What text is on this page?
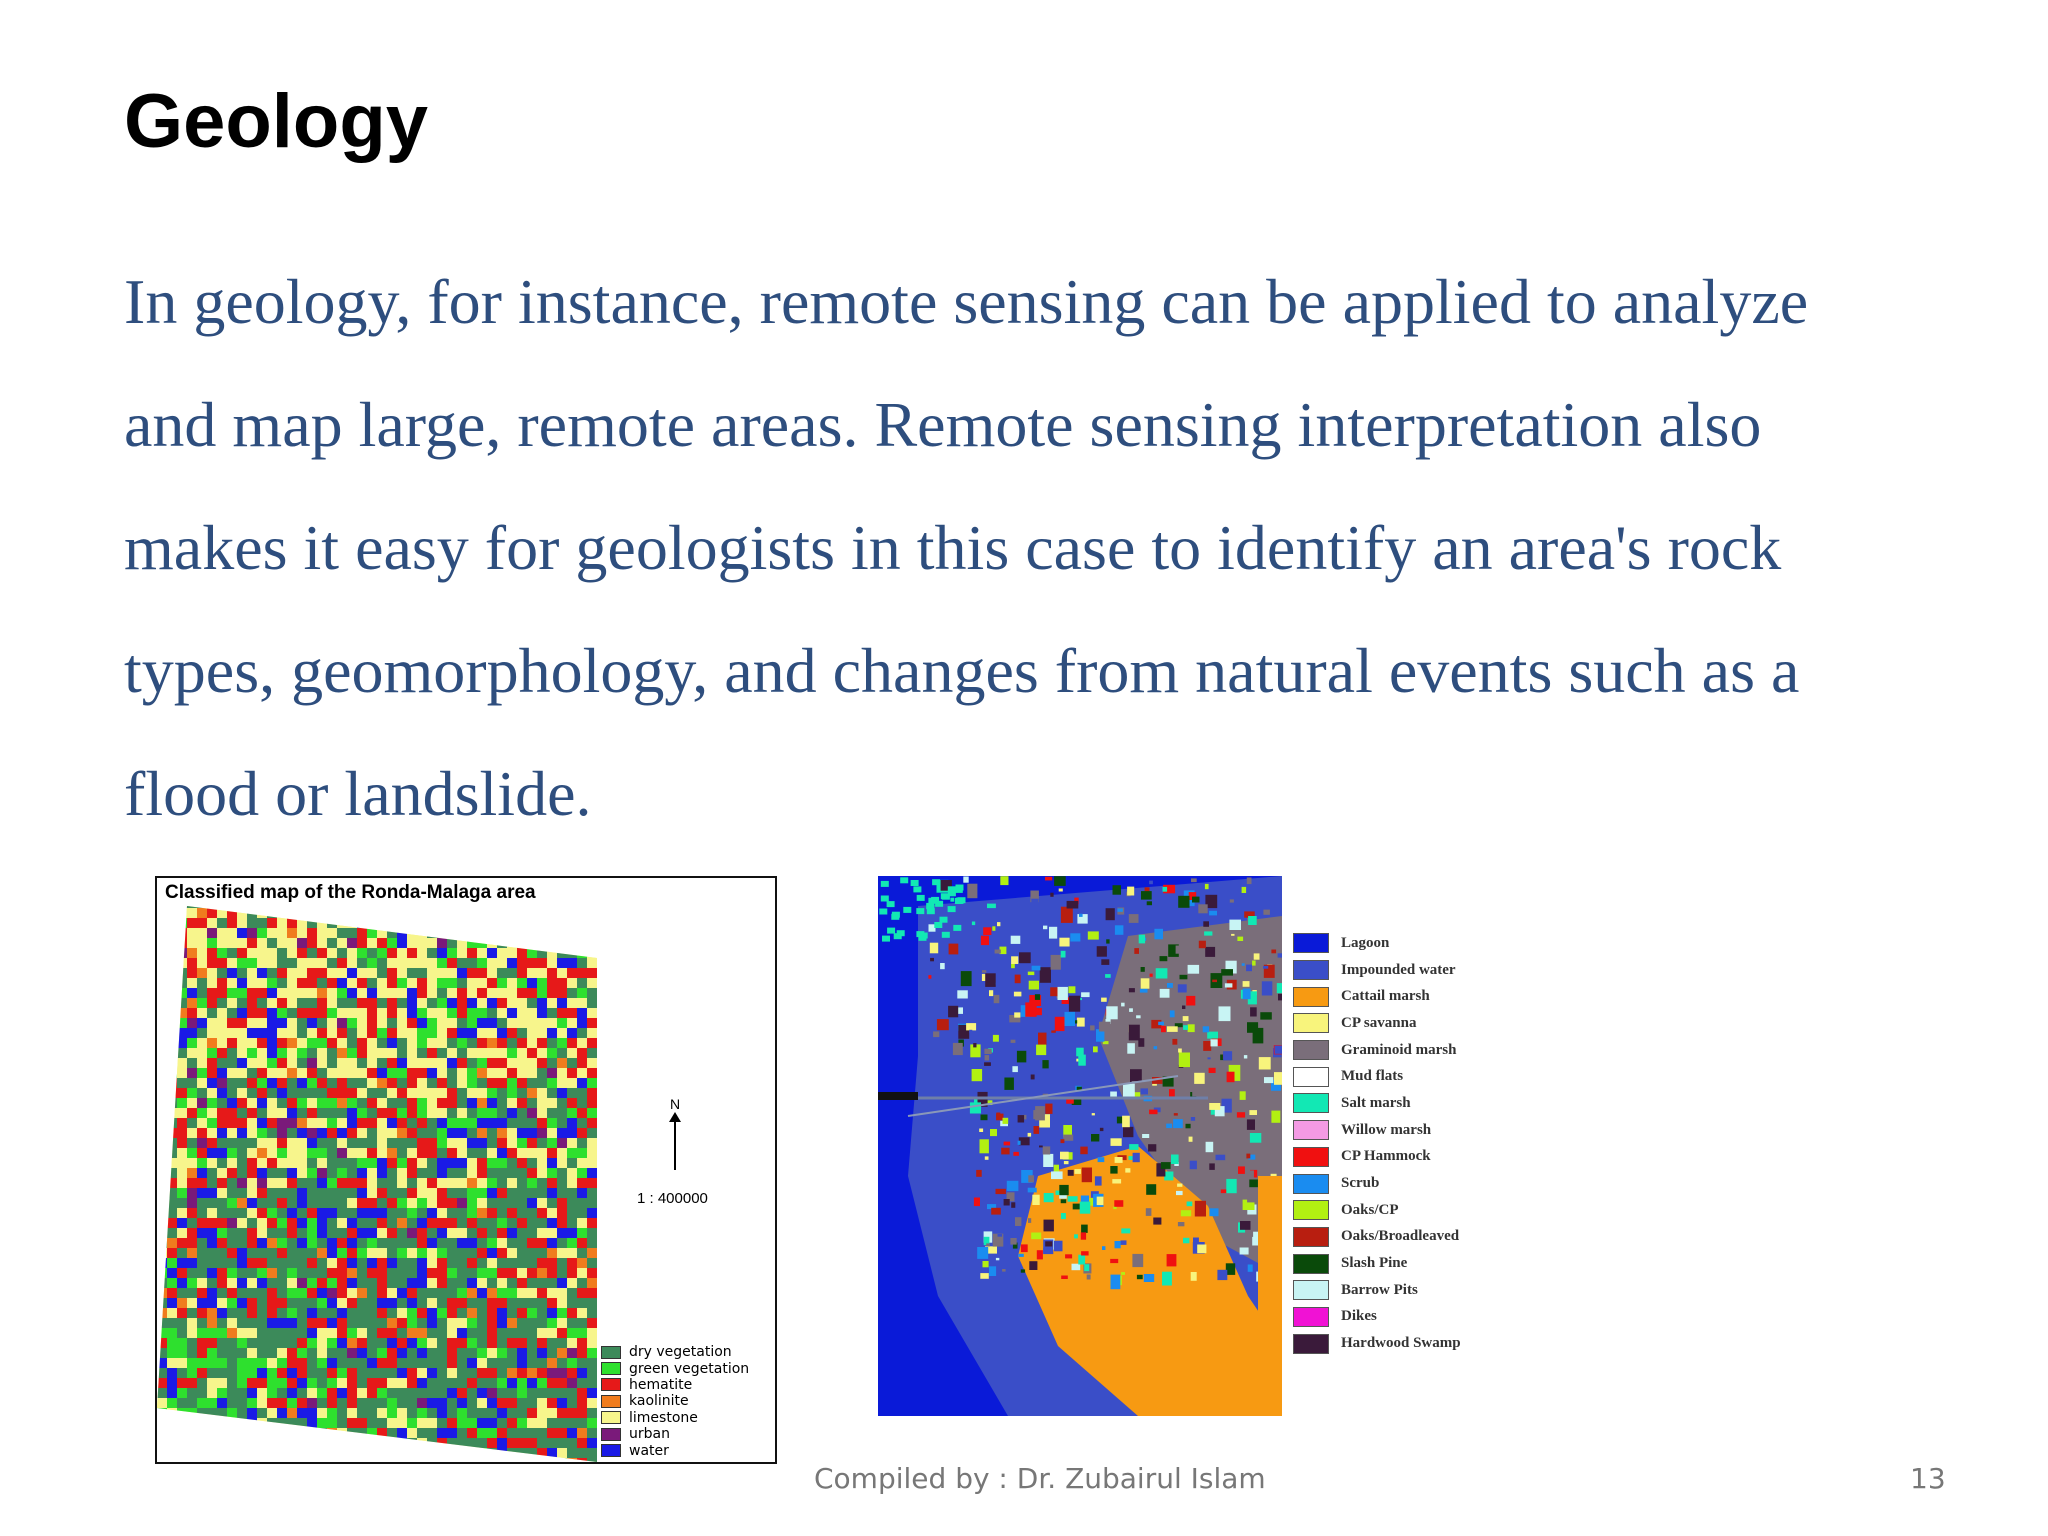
Geology

In geology, for instance, remote sensing can be applied to analyze
and map large, remote areas. Remote sensing interpretation also
makes it easy for geologists in this case to identify an area's rock
types, geomorphology, and changes from natural events such as a
flood or landslide.

Classified map of the Ronda-Malaga area
N
1 : 400000
dry vegetation
green vegetation
hematite
kaolinite
limestone
urban
water
Lagoon
Impounded water
Cattail marsh
CP savanna
Graminoid marsh
Mud flats
Salt marsh
Willow marsh
CP Hammock
Scrub
Oaks/CP
Oaks/Broadleaved
Slash Pine
Barrow Pits
Dikes
Hardwood Swamp
Compiled by : Dr. Zubairul Islam	13
